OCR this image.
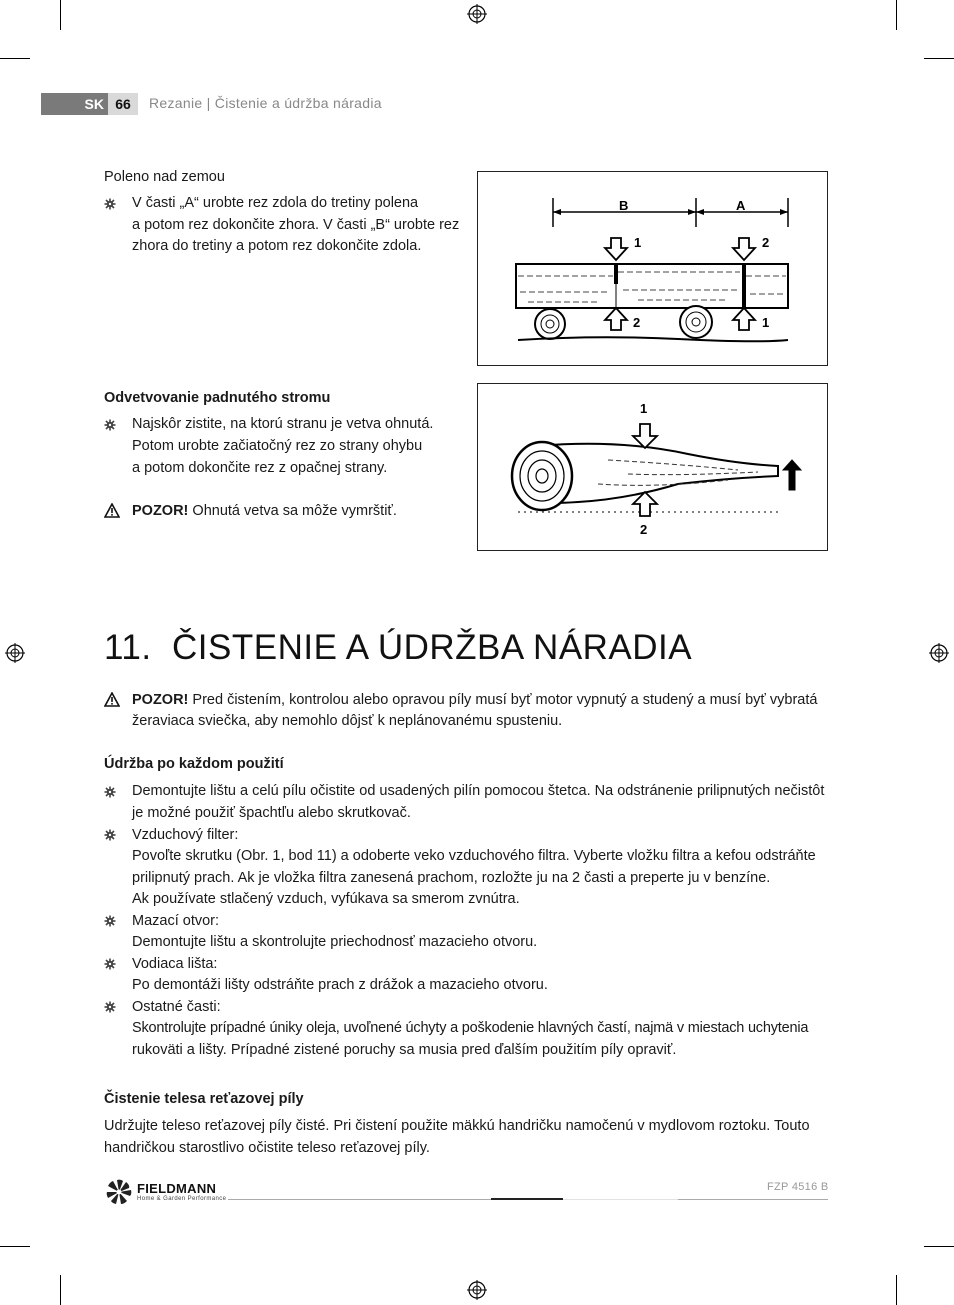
SK 66	Rezanie | Čistenie a údržba náradia
Poleno nad zemou
V časti „A“ urobte rez zdola do tretiny polena
a potom rez dokončite zhora. V časti „B“ urobte rez
zhora do tretiny a potom rez dokončite zdola.
B	A
1	2
2	1
Odvetvovanie padnutého stromu
Najskôr zistite, na ktorú stranu je vetva ohnutá.
Potom urobte začiatočný rez zo strany ohybu
a potom dokončite rez z opačnej strany.
POZOR! Ohnutá vetva sa môže vymrštiť.
1
2
11.  ČISTENIE A ÚDRŽBA NÁRADIA
POZOR! Pred čistením, kontrolou alebo opravou píly musí byť motor vypnutý a studený a musí byť vybratá
žeraviaca sviečka, aby nemohlo dôjsť k neplánovanému spusteniu.
Údržba po každom použití
Demontujte lištu a celú pílu očistite od usadených pilín pomocou štetca. Na odstránenie prilipnutých nečistôt
je možné použiť špachtľu alebo skrutkovač.
Vzduchový filter:
Povoľte skrutku (Obr. 1, bod 11) a odoberte veko vzduchového filtra. Vyberte vložku filtra a kefou odstráňte
prilipnutý prach. Ak je vložka filtra zanesená prachom, rozložte ju na 2 časti a preperte ju v benzíne.
Ak používate stlačený vzduch, vyfúkava sa smerom zvnútra.
Mazací otvor:
Demontujte lištu a skontrolujte priechodnosť mazacieho otvoru.
Vodiaca lišta:
Po demontáži lišty odstráňte prach z drážok a mazacieho otvoru.
Ostatné časti:
Skontrolujte prípadné úniky oleja, uvoľnené úchyty a poškodenie hlavných častí, najmä v miestach uchytenia
rukoväti a lišty. Prípadné zistené poruchy sa musia pred ďalším použitím píly opraviť.
Čistenie telesa reťazovej píly
Udržujte teleso reťazovej píly čisté. Pri čistení použite mäkkú handričku namočenú v mydlovom roztoku. Touto
handričkou starostlivo očistite teleso reťazovej píly.
FIELDMANN
Home & Garden Performance
FZP 4516 B
